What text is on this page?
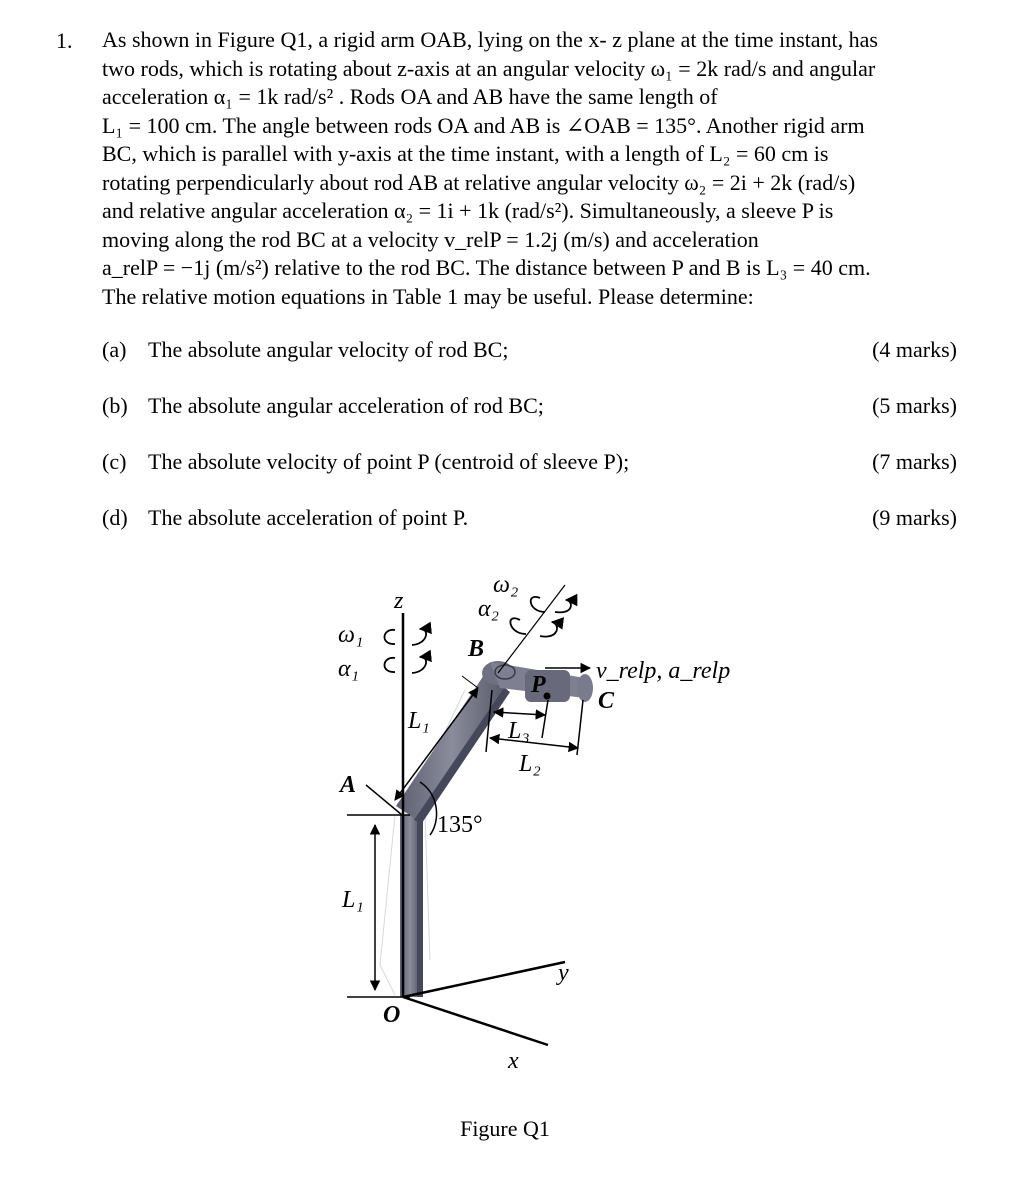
1. As shown in Figure Q1, a rigid arm OAB, lying on the x- z plane at the time instant, has
two rods, which is rotating about z-axis at an angular velocity ω₁ = 2k rad/s and angular
acceleration α₁ = 1k rad/s² . Rods OA and AB have the same length of
L₁ = 100 cm. The angle between rods OA and AB is ∠OAB = 135°. Another rigid arm
BC, which is parallel with y-axis at the time instant, with a length of L₂ = 60 cm is
rotating perpendicularly about rod AB at relative angular velocity ω₂ = 2i + 2k (rad/s)
and relative angular acceleration α₂ = 1i + 1k (rad/s²). Simultaneously, a sleeve P is
moving along the rod BC at a velocity v_relP = 1.2j (m/s) and acceleration
a_relP = −1j (m/s²) relative to the rod BC. The distance between P and B is L₃ = 40 cm.
The relative motion equations in Table 1 may be useful. Please determine:

(a) The absolute angular velocity of rod BC;	(4 marks)
(b) The absolute angular acceleration of rod BC;	(5 marks)
(c) The absolute velocity of point P (centroid of sleeve P);	(7 marks)
(d) The absolute acceleration of point P.	(9 marks)
z
ω₁
α₁
ω₂
α₂
B
P
C
v_relp, a_relp
L₁	L₃
L₂
A
135°
L₁
y
O
x
Figure Q1
